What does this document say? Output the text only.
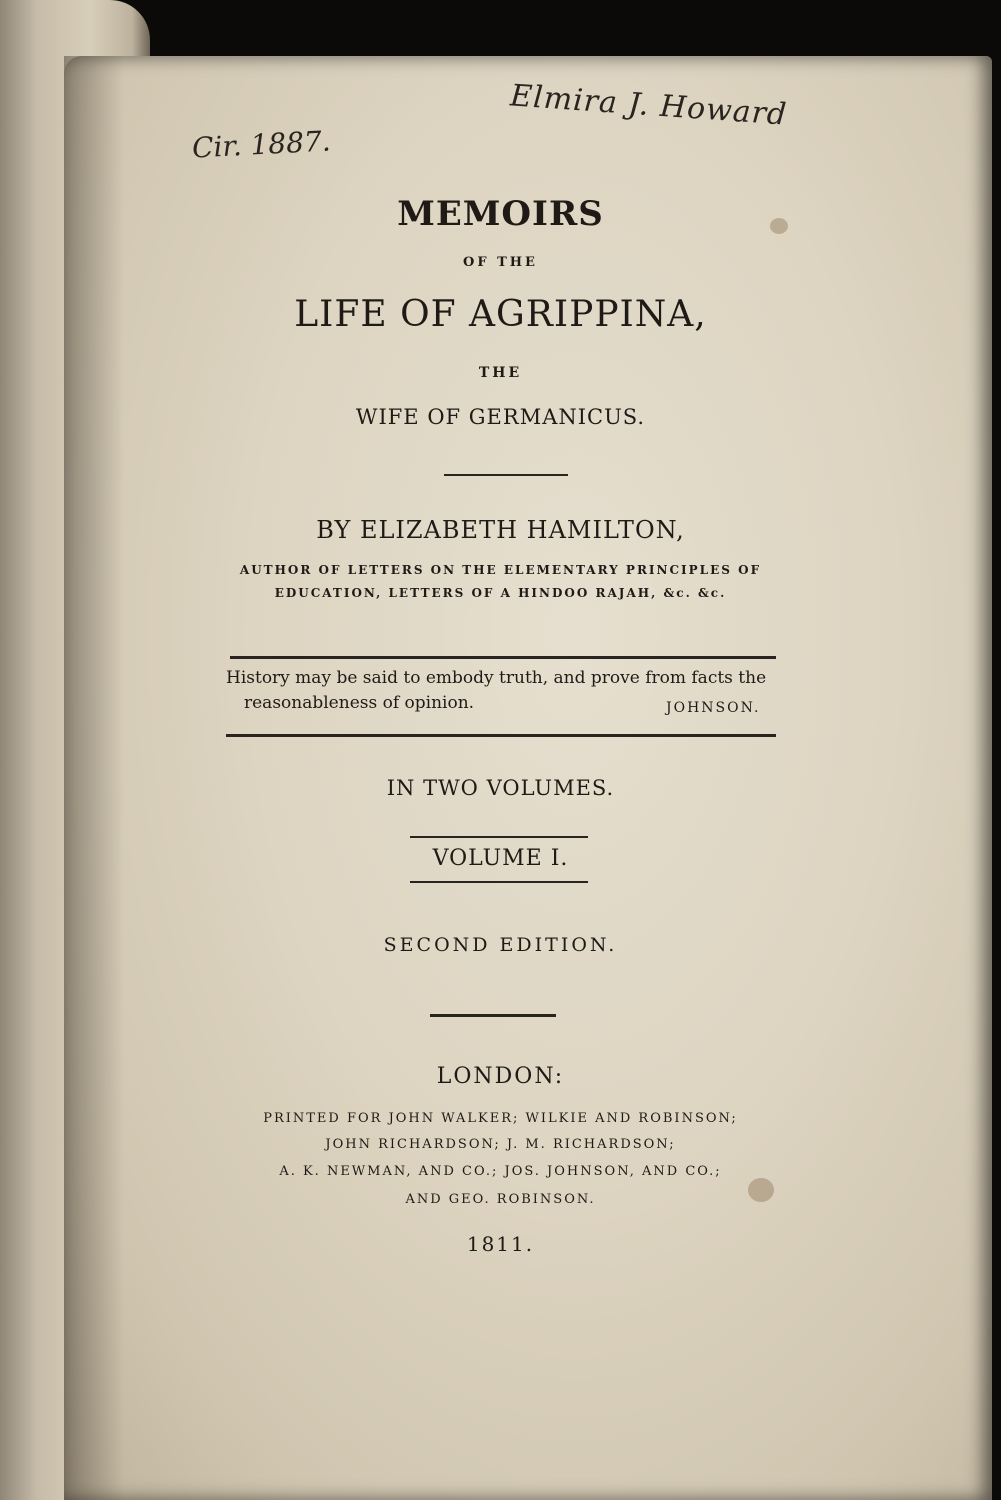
Elmira J. Howard
Cir. 1887.
MEMOIRS
OF THE
LIFE OF AGRIPPINA,
THE
WIFE OF GERMANICUS.
BY ELIZABETH HAMILTON,
AUTHOR OF LETTERS ON THE ELEMENTARY PRINCIPLES OF
EDUCATION, LETTERS OF A HINDOO RAJAH, &c. &c.
History may be said to embody truth, and prove from facts the
reasonableness of opinion.	JOHNSON.
IN TWO VOLUMES.
VOLUME I.
SECOND EDITION.
LONDON:
PRINTED FOR JOHN WALKER; WILKIE AND ROBINSON;
JOHN RICHARDSON; J. M. RICHARDSON;
A. K. NEWMAN, AND CO.; JOS. JOHNSON, AND CO.;
AND GEO. ROBINSON.
1811.
